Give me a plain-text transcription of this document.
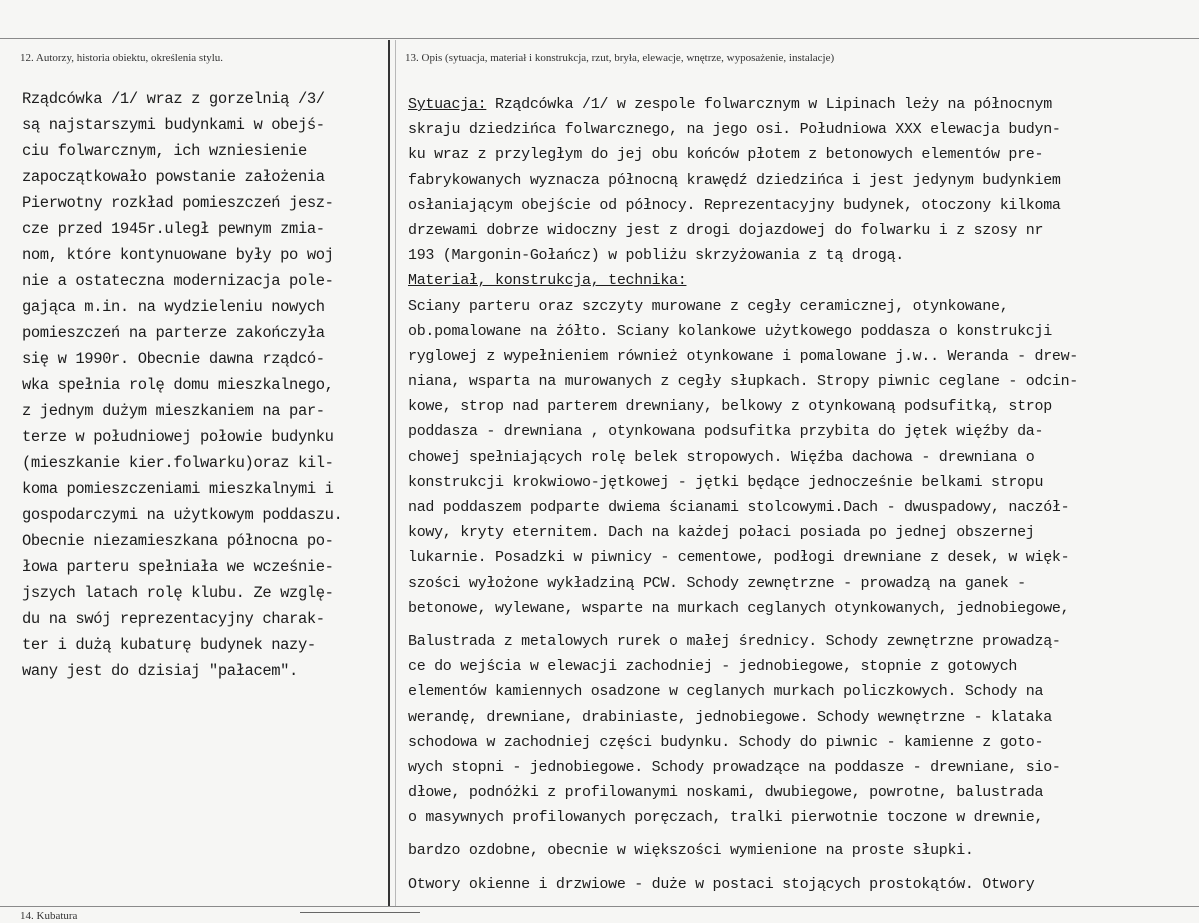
12. Autorzy, historia obiektu, określenia stylu.	13. Opis (sytuacja, materiał i konstrukcja, rzut, bryła, elewacje, wnętrze, wyposażenie, instalacje)
Rządcówka /1/ wraz z gorzelnią /3/
są najstarszymi budynkami w obejś-
ciu folwarcznym, ich wzniesienie
zapoczątkowało powstanie założenia
Pierwotny rozkład pomieszczeń jesz-
cze przed 1945r.uległ pewnym zmia-
nom, które kontynuowane były po woj
nie a ostateczna modernizacja pole-
gająca m.in. na wydzieleniu nowych
pomieszczeń na parterze zakończyła
się w 1990r. Obecnie dawna rządcó-
wka spełnia rolę domu mieszkalnego,
z jednym dużym mieszkaniem na par-
terze w południowej połowie budynku
(mieszkanie kier.folwarku)oraz kil-
koma pomieszczeniami mieszkalnymi i
gospodarczymi na użytkowym poddaszu.
Obecnie niezamieszkana północna po-
łowa parteru spełniała we wcześnie-
jszych latach rolę klubu. Ze wzglę-
du na swój reprezentacyjny charak-
ter i dużą kubaturę budynek nazy-
wany jest do dzisiaj "pałacem".
Sytuacja: Rządcówka /1/ w zespole folwarcznym w Lipinach leży na północnym
skraju dziedzińca folwarcznego, na jego osi. Południowa XXX elewacja budyn-
ku wraz z przyległym do jej obu końców płotem z betonowych elementów pre-
fabrykowanych wyznacza północną krawędź dziedzińca i jest jedynym budynkiem
osłaniającym obejście od północy. Reprezentacyjny budynek, otoczony kilkoma
drzewami dobrze widoczny jest z drogi dojazdowej do folwarku i z szosy nr
193 (Margonin-Gołańcz) w pobliżu skrzyżowania z tą drogą.
Materiał, konstrukcja, technika:
Sciany parteru oraz szczyty murowane z cegły ceramicznej, otynkowane,
ob.pomalowane na żółto. Sciany kolankowe użytkowego poddasza o konstrukcji
ryglowej z wypełnieniem również otynkowane i pomalowane j.w.. Weranda - drew-
niana, wsparta na murowanych z cegły słupkach. Stropy piwnic ceglane - odcin-
kowe, strop nad parterem drewniany, belkowy z otynkowaną podsufitką, strop
poddasza - drewniana , otynkowana podsufitka przybita do jętek więźby da-
chowej spełniających rolę belek stropowych. Więźba dachowa - drewniana o
konstrukcji krokwiowo-jętkowej - jętki będące jednocześnie belkami stropu
nad poddaszem podparte dwiema ścianami stolcowymi.Dach - dwuspadowy, naczół-
kowy, kryty eternitem. Dach na każdej połaci posiada po jednej obszernej
lukarnie. Posadzki w piwnicy - cementowe, podłogi drewniane z desek, w więk-
szości wyłożone wykładziną PCW. Schody zewnętrzne - prowadzą na ganek -
betonowe, wylewane, wsparte na murkach ceglanych otynkowanych, jednobiegowe,
Balustrada z metalowych rurek o małej średnicy. Schody zewnętrzne prowadzą-
ce do wejścia w elewacji zachodniej - jednobiegowe, stopnie z gotowych
elementów kamiennych osadzone w ceglanych murkach policzkowych. Schody na
werandę, drewniane, drabiniaste, jednobiegowe. Schody wewnętrzne - klataka
schodowa w zachodniej części budynku. Schody do piwnic - kamienne z goto-
wych stopni - jednobiegowe. Schody prowadzące na poddasze - drewniane, sio-
dłowe, podnóżki z profilowanymi noskami, dwubiegowe, powrotne, balustrada
o masywnych profilowanych poręczach, tralki pierwotnie toczone w drewnie,
bardzo ozdobne, obecnie w większości wymienione na proste słupki.
Otwory okienne i drzwiowe - duże w postaci stojących prostokątów. Otwory
14. Kubatura
